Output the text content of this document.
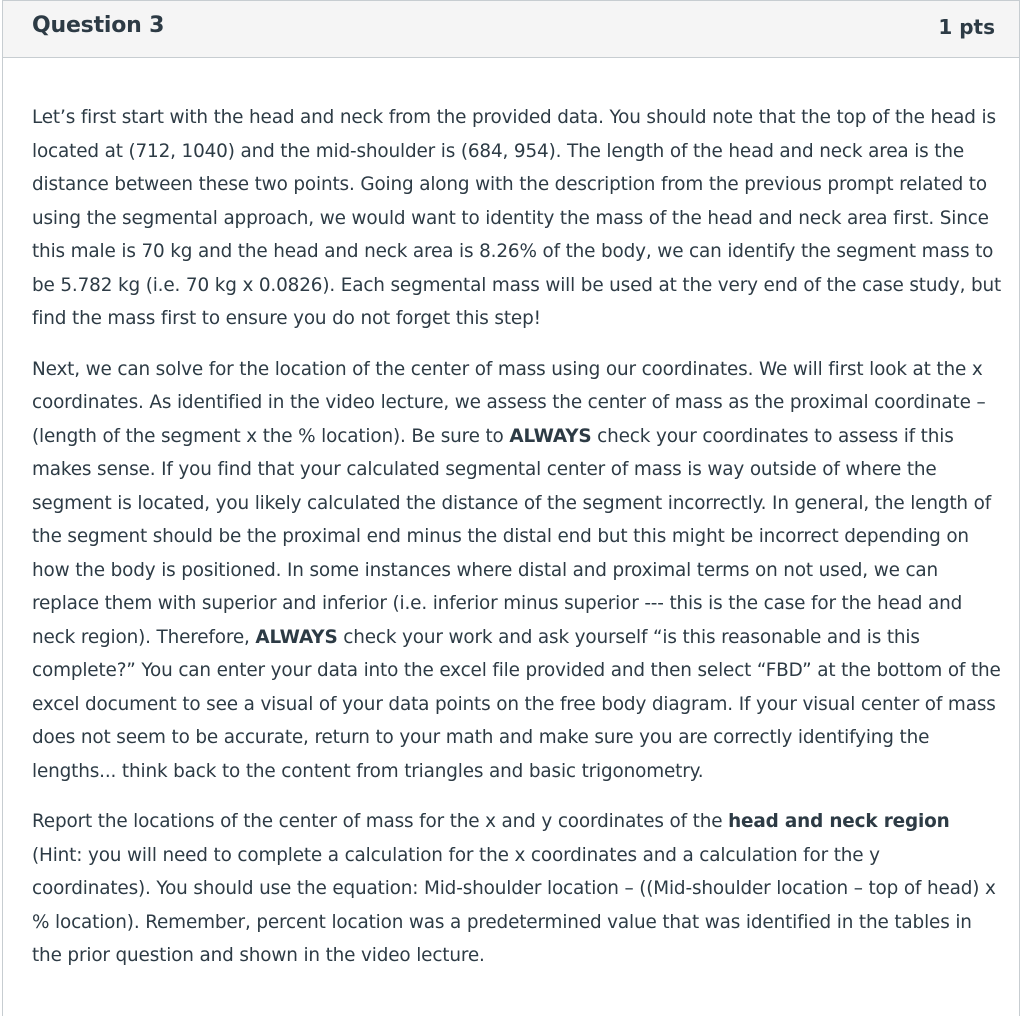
Question 3	1 pts

Let’s first start with the head and neck from the provided data. You should note that the top of the head is located at (712, 1040) and the mid-shoulder is (684, 954). The length of the head and neck area is the distance between these two points. Going along with the description from the previous prompt related to using the segmental approach, we would want to identity the mass of the head and neck area first. Since this male is 70 kg and the head and neck area is 8.26% of the body, we can identify the segment mass to be 5.782 kg (i.e. 70 kg x 0.0826). Each segmental mass will be used at the very end of the case study, but find the mass first to ensure you do not forget this step!

Next, we can solve for the location of the center of mass using our coordinates. We will first look at the x coordinates. As identified in the video lecture, we assess the center of mass as the proximal coordinate – (length of the segment x the % location). Be sure to ALWAYS check your coordinates to assess if this makes sense. If you find that your calculated segmental center of mass is way outside of where the segment is located, you likely calculated the distance of the segment incorrectly. In general, the length of the segment should be the proximal end minus the distal end but this might be incorrect depending on how the body is positioned. In some instances where distal and proximal terms on not used, we can replace them with superior and inferior (i.e. inferior minus superior --- this is the case for the head and neck region). Therefore, ALWAYS check your work and ask yourself “is this reasonable and is this complete?” You can enter your data into the excel file provided and then select “FBD” at the bottom of the excel document to see a visual of your data points on the free body diagram. If your visual center of mass does not seem to be accurate, return to your math and make sure you are correctly identifying the lengths... think back to the content from triangles and basic trigonometry.

Report the locations of the center of mass for the x and y coordinates of the head and neck region (Hint: you will need to complete a calculation for the x coordinates and a calculation for the y coordinates). You should use the equation: Mid-shoulder location – ((Mid-shoulder location – top of head) x % location). Remember, percent location was a predetermined value that was identified in the tables in the prior question and shown in the video lecture.
